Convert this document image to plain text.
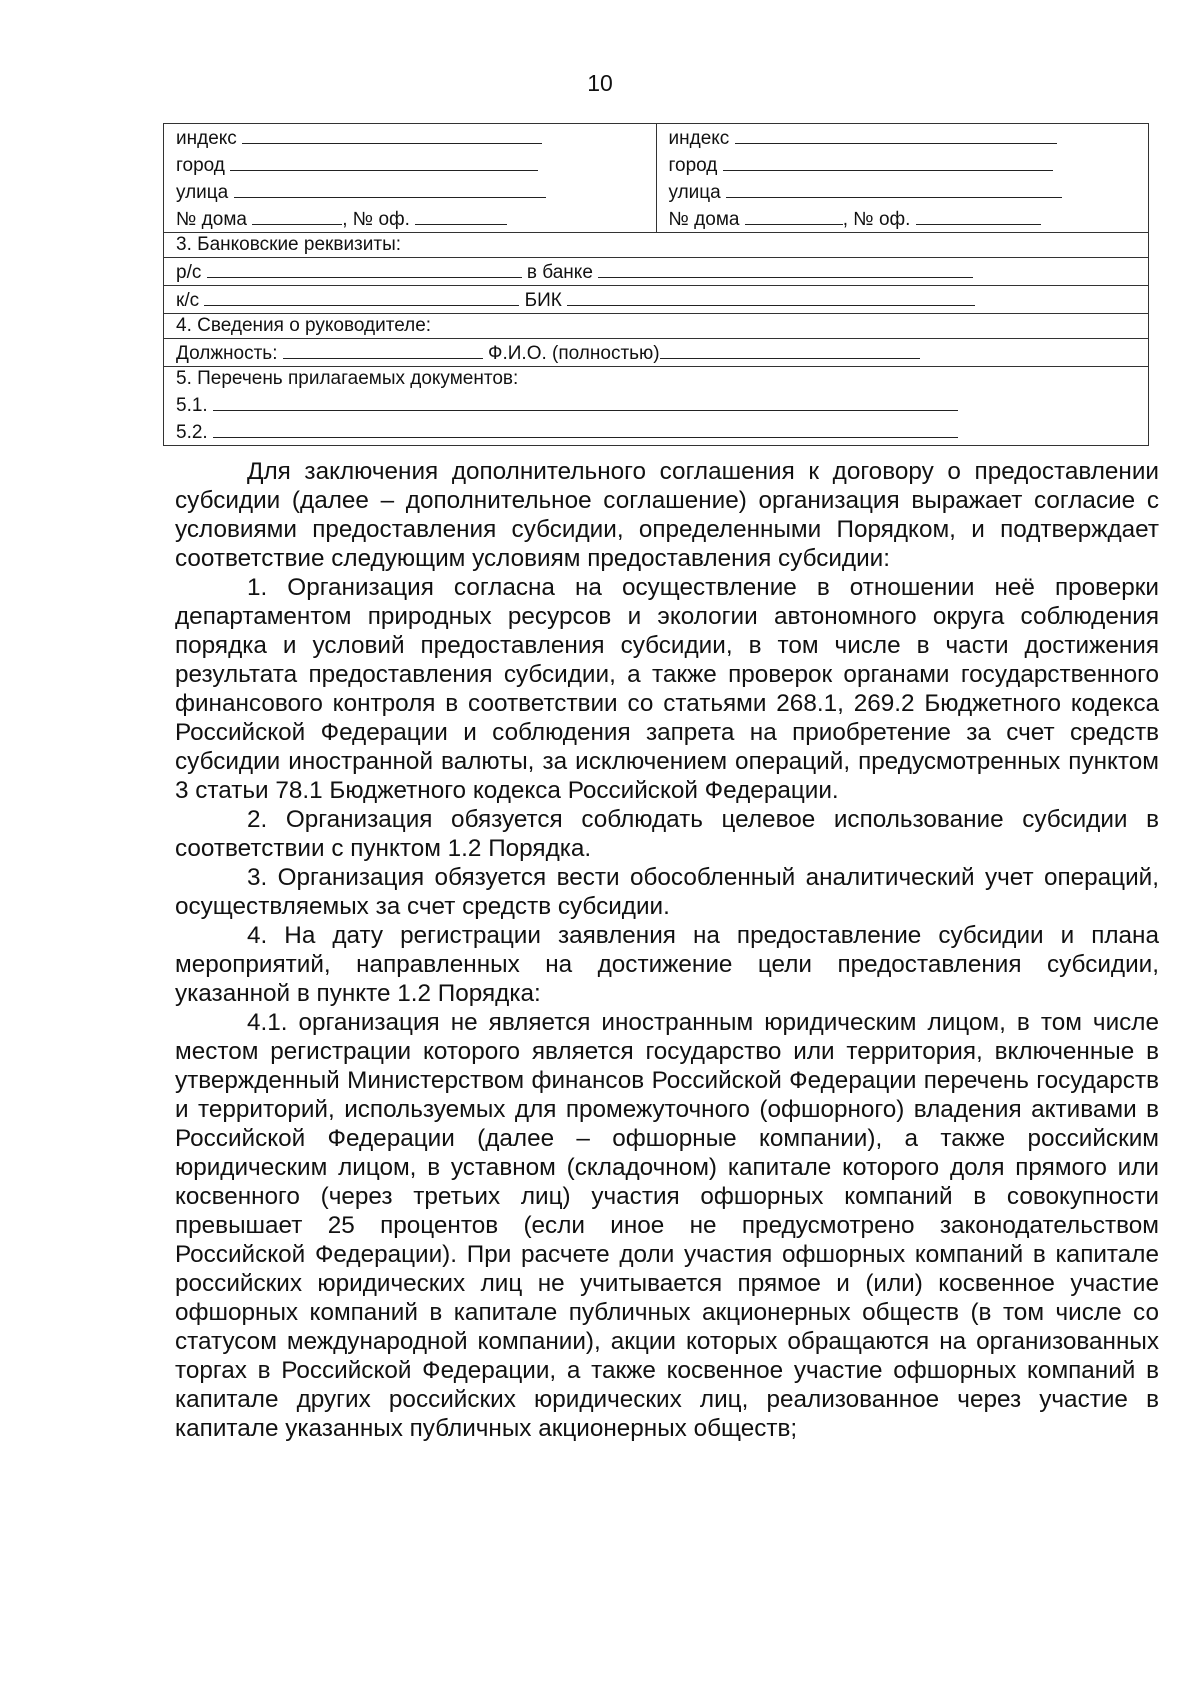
10
индекс
город
улица
№ дома	, № оф.

индекс
город
улица
№ дома	, № оф.

3. Банковские реквизиты:
р/с	в банке
к/с	БИК
4. Сведения о руководителе:
Должность:	Ф.И.О. (полностью)

5. Перечень прилагаемых документов:
5.1.
5.2.

Для заключения дополнительного соглашения к договору о предоставлении субсидии (далее – дополнительное соглашение) организация выражает согласие с условиями предоставления субсидии, определенными Порядком, и подтверждает соответствие следующим условиям предоставления субсидии:

1. Организация согласна на осуществление в отношении неё проверки департаментом природных ресурсов и экологии автономного округа соблюдения порядка и условий предоставления субсидии, в том числе в части достижения результата предоставления субсидии, а также проверок органами государственного финансового контроля в соответствии со статьями 268.1, 269.2 Бюджетного кодекса Российской Федерации и соблюдения запрета на приобретение за счет средств субсидии иностранной валюты, за исключением операций, предусмотренных пунктом 3 статьи 78.1 Бюджетного кодекса Российской Федерации.

2. Организация обязуется соблюдать целевое использование субсидии в соответствии с пунктом 1.2 Порядка.

3. Организация обязуется вести обособленный аналитический учет операций, осуществляемых за счет средств субсидии.

4. На дату регистрации заявления на предоставление субсидии и плана мероприятий, направленных на достижение цели предоставления субсидии, указанной в пункте 1.2 Порядка:

4.1. организация не является иностранным юридическим лицом, в том числе местом регистрации которого является государство или территория, включенные в утвержденный Министерством финансов Российской Федерации перечень государств и территорий, используемых для промежуточного (офшорного) владения активами в Российской Федерации (далее – офшорные компании), а также российским юридическим лицом, в уставном (складочном) капитале которого доля прямого или косвенного (через третьих лиц) участия офшорных компаний в совокупности превышает 25 процентов (если иное не предусмотрено законодательством Российской Федерации). При расчете доли участия офшорных компаний в капитале российских юридических лиц не учитывается прямое и (или) косвенное участие офшорных компаний в капитале публичных акционерных обществ (в том числе со статусом международной компании), акции которых обращаются на организованных торгах в Российской Федерации, а также косвенное участие офшорных компаний в капитале других российских юридических лиц, реализованное через участие в капитале указанных публичных акционерных обществ;
